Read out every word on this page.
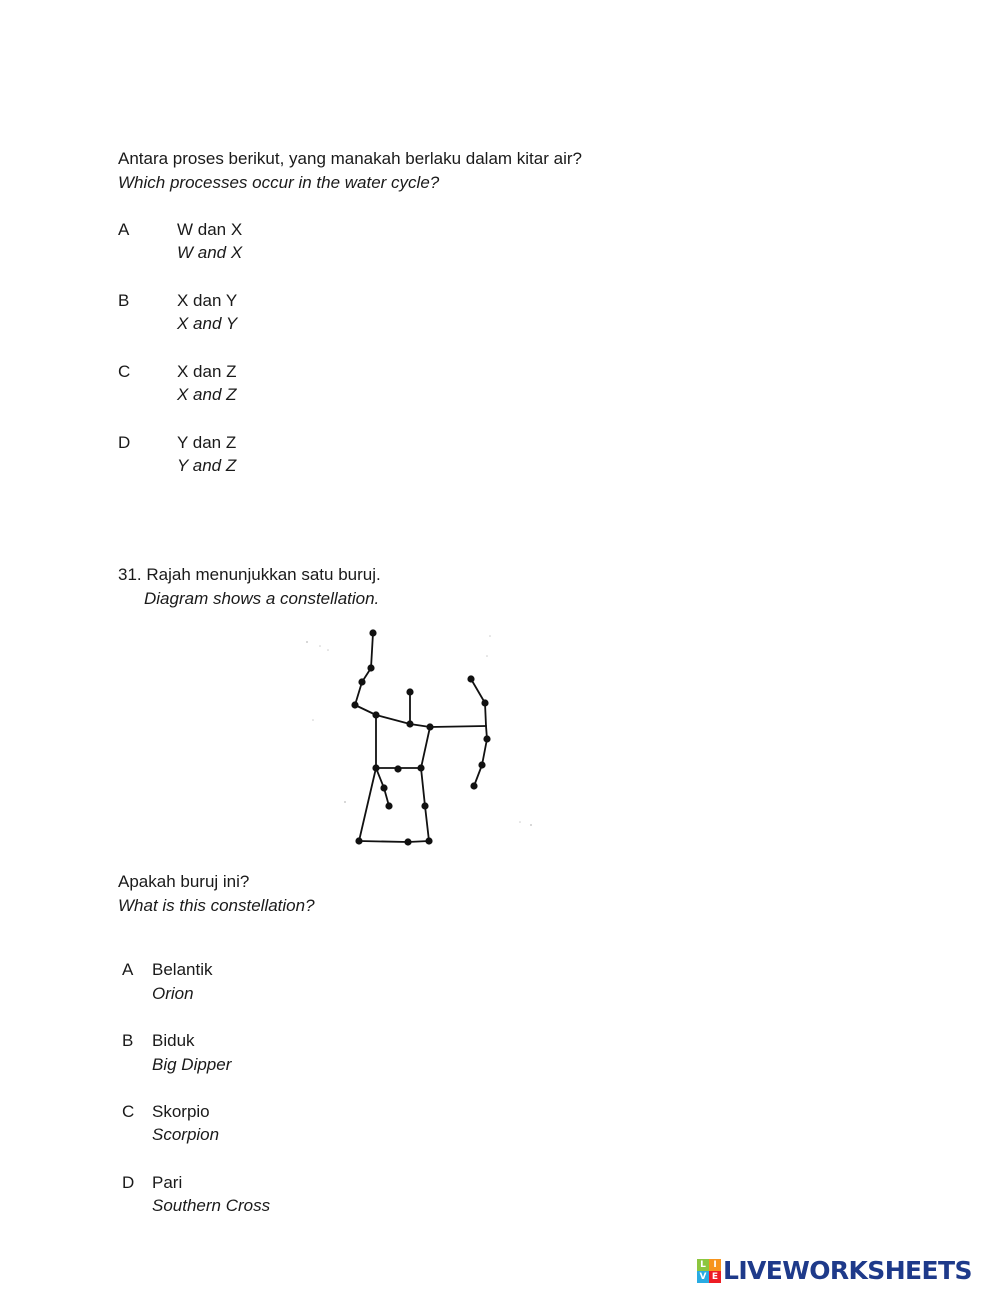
Antara proses berikut, yang manakah berlaku dalam kitar air?
Which processes occur in the water cycle?
A	W dan X
W and X
B	X dan Y
X and Y
C	X dan Z
X and Z
D	Y dan Z
Y and Z
31. Rajah menunjukkan satu buruj.
Diagram shows a constellation.
Apakah buruj ini?
What is this constellation?
A Belantik
Orion
B Biduk
Big Dipper
C Skorpio
Scorpion
D Pari
Southern Cross
L I
V E LIVEWORKSHEETS
